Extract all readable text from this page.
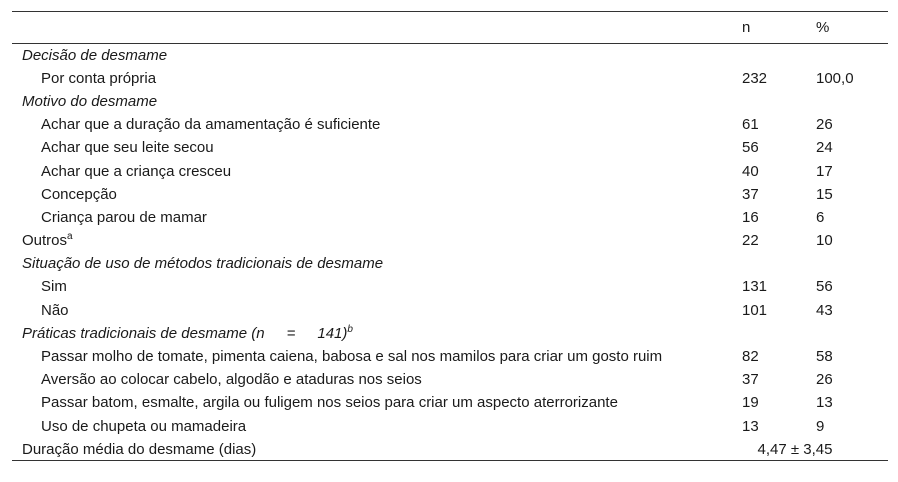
	n	%
Decisão de desmame		
Por conta própria	232	100,0
Motivo do desmame		
Achar que a duração da amamentação é suficiente	61	26
Achar que seu leite secou	56	24
Achar que a criança cresceu	40	17
Concepção	37	15
Criança parou de mamar	16	6
Outros$^a$	22	10
Situação de uso de métodos tradicionais de desmame		
Sim	131	56
Não	101	43
Práticas tradicionais de desmame (n = 141)$^b$		
Passar molho de tomate, pimenta caiena, babosa e sal nos mamilos para criar um gosto ruim	82	58
Aversão ao colocar cabelo, algodão e ataduras nos seios	37	26
Passar batom, esmalte, argila ou fuligem nos seios para criar um aspecto aterrorizante	19	13
Uso de chupeta ou mamadeira	13	9
Duração média do desmame (dias)	4,47 ± 3,45	
